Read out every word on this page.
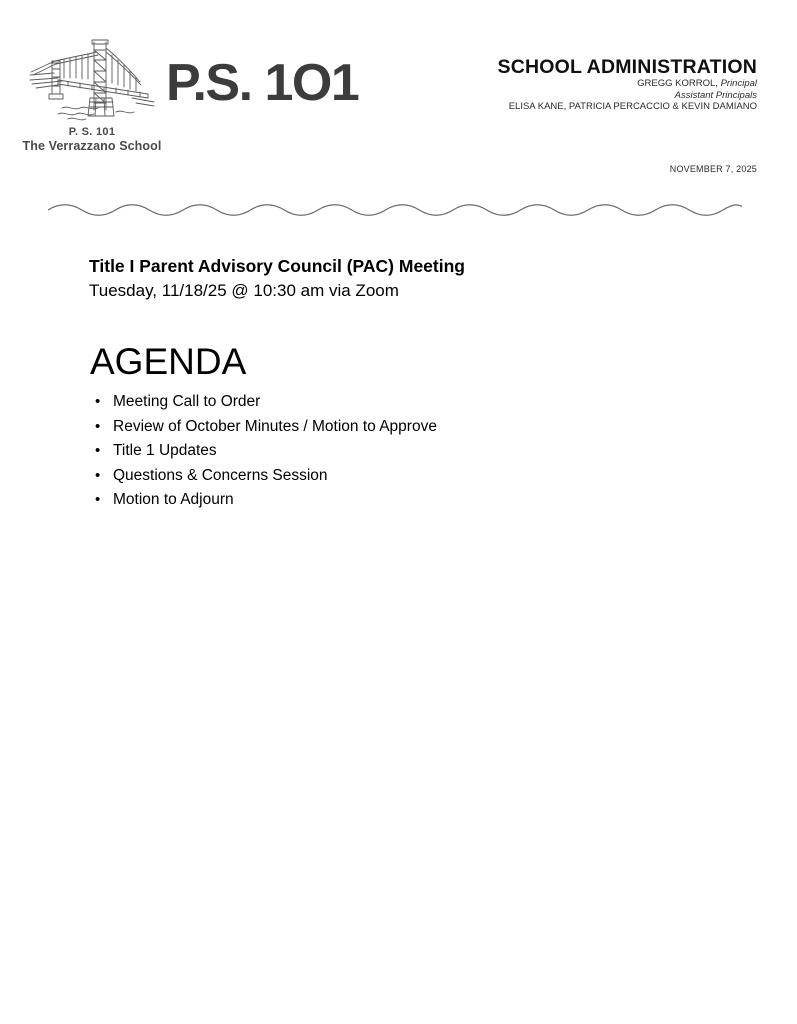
P. S. 101
The Verrazzano School
P.S. 1O1	SCHOOL ADMINISTRATION
GREGG KORROL, Principal
Assistant Principals
ELISA KANE, PATRICIA PERCACCIO & KEVIN DAMIANO
NOVEMBER 7, 2025
Title I Parent Advisory Council (PAC) Meeting
Tuesday, 11/18/25 @ 10:30 am via Zoom
AGENDA
• Meeting Call to Order
• Review of October Minutes / Motion to Approve
• Title 1 Updates
• Questions & Concerns Session
• Motion to Adjourn
